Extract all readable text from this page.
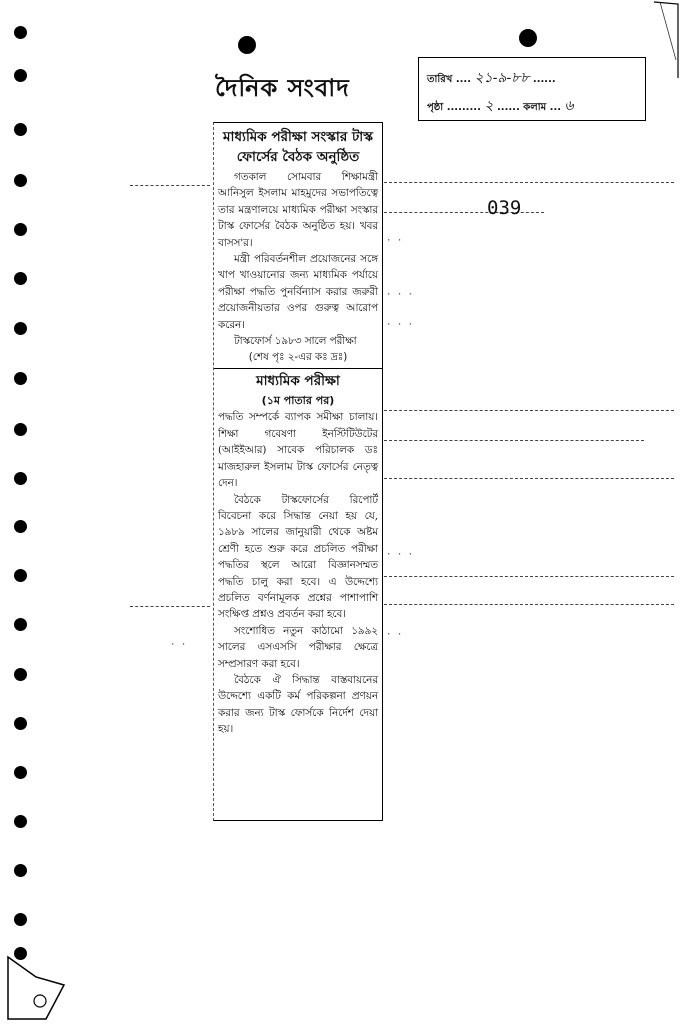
· ·
· · ·
· · ·
· · ·
· ·
· ·
দৈনিক সংবাদ	তারিখ .... ২১-৯-৮৮ ......
পৃষ্ঠা ......... ২ ...... কলাম ... ৬
039
মাধ্যমিক পরীক্ষা সংস্কার টাস্ক ফোর্সের বৈঠক অনুষ্ঠিত

গতকাল সোমবার শিক্ষামন্ত্রী আনিসুল ইসলাম মাহমুদের সভাপতিত্বে তার মন্ত্রণালয়ে মাধ্যমিক পরীক্ষা সংস্কার টাস্ক ফোর্সের বৈঠক অনুষ্ঠিত হয়। খবর বাসস'র।

মন্ত্রী পরিবর্তনশীল প্রয়োজনের সঙ্গে খাপ খাওয়ানোর জন্য মাধ্যমিক পর্যায়ে পরীক্ষা পদ্ধতি পুনর্বিন্যাস করার জরুরী প্রয়োজনীয়তার ওপর গুরুত্ব আরোপ করেন।

টাস্কফোর্স ১৯৮৩ সালে পরীক্ষা

(শেষ পৃঃ ২-এর কঃ দ্রঃ)
মাধ্যমিক পরীক্ষা
(১ম পাতার পর)

পদ্ধতি সম্পর্কে ব্যাপক সমীক্ষা চালায়। শিক্ষা গবেষণা ইনস্টিটিউটের (আইইআর) সাবেক পরিচালক ডঃ মাজহারুল ইসলাম টাস্ক ফোর্সের নেতৃত্ব দেন।

বৈঠকে টাস্কফোর্সের রিপোর্ট বিবেচনা করে সিদ্ধান্ত নেয়া হয় যে, ১৯৮৯ সালের জানুয়ারী থেকে অষ্টম শ্রেণী হতে শুরু করে প্রচলিত পরীক্ষা পদ্ধতির স্থলে আরো বিজ্ঞানসম্মত পদ্ধতি চালু করা হবে। এ উদ্দেশ্যে প্রচলিত বর্ণনামূলক প্রশ্নের পাশাপাশি সংক্ষিপ্ত প্রশ্নও প্রবর্তন করা হবে।

সংশোধিত নতুন কাঠামো ১৯৯২ সালের এসএসসি পরীক্ষার ক্ষেত্রে সম্প্রসারণ করা হবে।

বৈঠকে ঐ সিদ্ধান্ত বাস্তবায়নের উদ্দেশ্যে একটি কর্ম পরিকল্পনা প্রণয়ন করার জন্য টাস্ক ফোর্সকে নির্দেশ দেয়া হয়।
